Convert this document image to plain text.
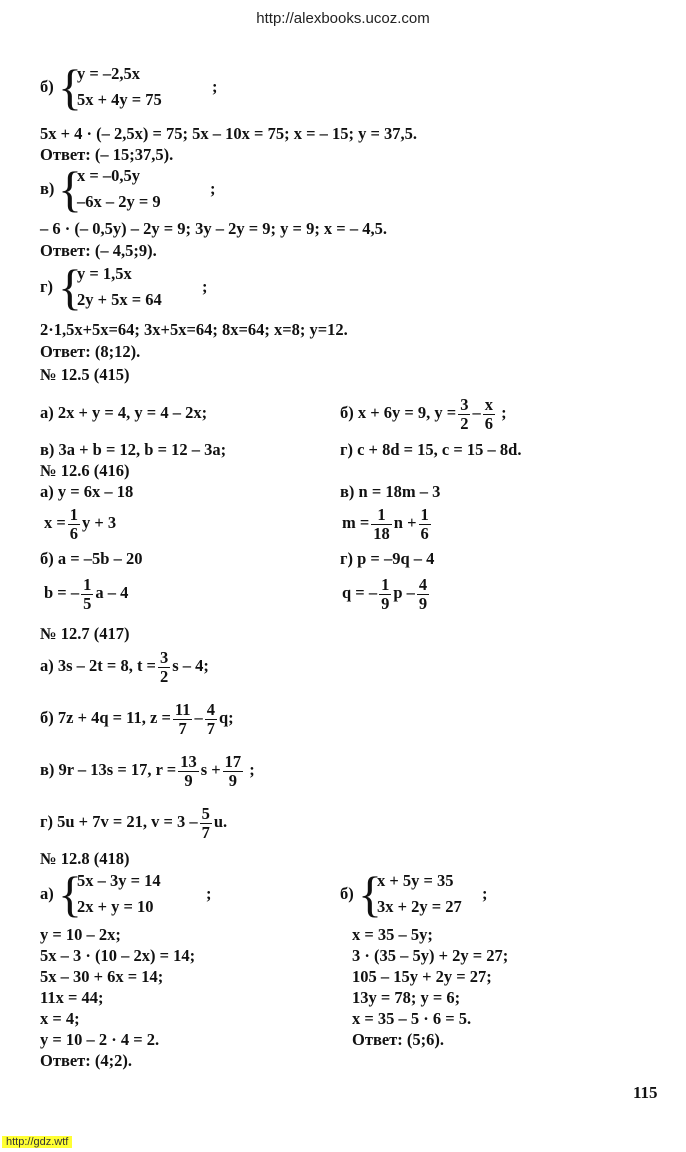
http://alexbooks.ucoz.com
б) {
y = –2,5x
5x + 4y = 75
;
5x + 4 · (– 2,5x) = 75; 5x – 10x = 75; x = – 15; y = 37,5.
Ответ: (– 15;37,5).
в) {
x = –0,5y
–6x – 2y = 9
;
– 6 · (– 0,5y) – 2y = 9; 3y – 2y = 9; y = 9; x = – 4,5.
Ответ: (– 4,5;9).
г) {
y = 1,5x
2y + 5x = 64
;
2·1,5x+5x=64; 3x+5x=64; 8x=64; x=8; y=12.
Ответ: (8;12).
№ 12.5 (415)
а) 2x + y = 4, y = 4 – 2x;	б) x + 6y = 9, $y = \frac{3}{2} - \frac{x}{6}$ ;
в) 3a + b = 12, b = 12 – 3a;	г) c + 8d = 15, c = 15 – 8d.
№ 12.6 (416)
а) y = 6x – 18
$x = \frac{1}{6}$ y + 3
в) n = 18m – 3
$m = \frac{1}{18}$ $n + \frac{1}{6}$
б) a = –5b – 20
b = – $\frac{1}{5}$ a – 4
г) p = –9q – 4
q = – $\frac{1}{9}$ p – $\frac{4}{9}$
№ 12.7 (417)
а) 3s – 2t = 8, $t = \frac{3}{2}$ s – 4;
б) 7z + 4q = 11, $z = \frac{11}{7} - \frac{4}{7} q$;
в) 9r – 13s = 17, $r = \frac{13}{9}$ $s + \frac{17}{9}$ ;
г) 5u + 7v = 21, $v = 3 - \frac{5}{7} u$.
№ 12.8 (418)
а) {
5x – 3y = 14
2x + y = 10
;	б) {
x + 5y = 35
3x + 2y = 27
;
y = 10 – 2x;
5x – 3 · (10 – 2x) = 14;
5x – 30 + 6x = 14;
11x = 44;
x = 4;
y = 10 – 2 · 4 = 2.
Ответ: (4;2).
x = 35 – 5y;
3 · (35 – 5y) + 2y = 27;
105 – 15y + 2y = 27;
13y = 78; y = 6;
x = 35 – 5 · 6 = 5.
Ответ: (5;6).
115
http://gdz.wtf
